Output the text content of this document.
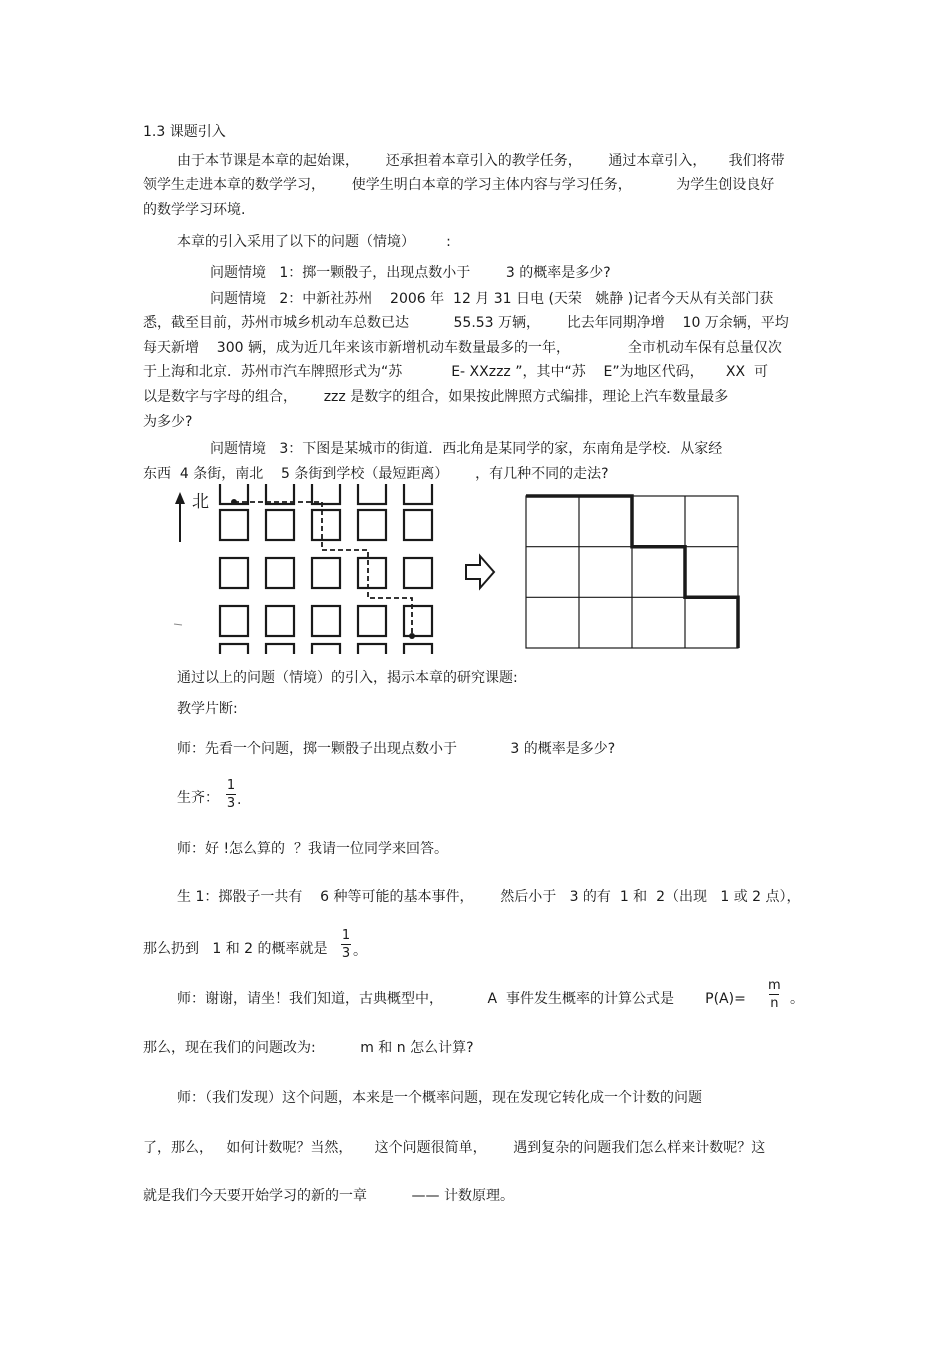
1.3 课题引入
由于本节课是本章的起始课，      还承担着本章引入的教学任务，      通过本章引入，     我们将带
领学生走进本章的数学学习，      使学生明白本章的学习主体内容与学习任务，          为学生创设良好
的数学学习环境.
本章的引入采用了以下的问题（情境）       :
问题情境   1：掷一颗骰子，出现点数小于        3 的概率是多少?
问题情境   2：中新社苏州    2006 年  12 月 31 日电 (天荣   姚静 )记者今天从有关部门获
悉，截至目前，苏州市城乡机动车总数已达          55.53 万辆，      比去年同期净增    10 万余辆，平均
每天新增    300 辆，成为近几年来该市新增机动车数量最多的一年，             全市机动车保有总量仅次
于上海和北京．苏州市汽车牌照形式为“苏           E- XXzzz ”，其中“苏    E”为地区代码，     XX  可
以是数字与字母的组合，      zzz 是数字的组合，如果按此牌照方式编排，理论上汽车数量最多
为多少?
问题情境   3：下图是某城市的街道．西北角是某同学的家，东南角是学校．从家经
东西  4 条街，南北    5 条街到学校（最短距离）      ，有几种不同的走法?
北
通过以上的问题（情境）的引入，揭示本章的研究课题:
教学片断:
师：先看一个问题，掷一颗骰子出现点数小于            3 的概率是多少?
生齐：
1
3 .
师：好 !怎么算的  ？我请一位同学来回答。
生 1：掷骰子一共有    6 种等可能的基本事件，      然后小于   3 的有  1 和  2（出现   1 或 2 点），
那么扔到   1 和 2 的概率就是
1
3 。
师：谢谢，请坐！我们知道，古典概型中，          A  事件发生概率的计算公式是       P(A)=
m
n 。
那么，现在我们的问题改为:          m 和 n 怎么计算?
师：（我们发现）这个问题，本来是一个概率问题，现在发现它转化成一个计数的问题
了，那么，   如何计数呢？当然，     这个问题很简单，      遇到复杂的问题我们怎么样来计数呢？这
就是我们今天要开始学习的新的一章          —— 计数原理。
